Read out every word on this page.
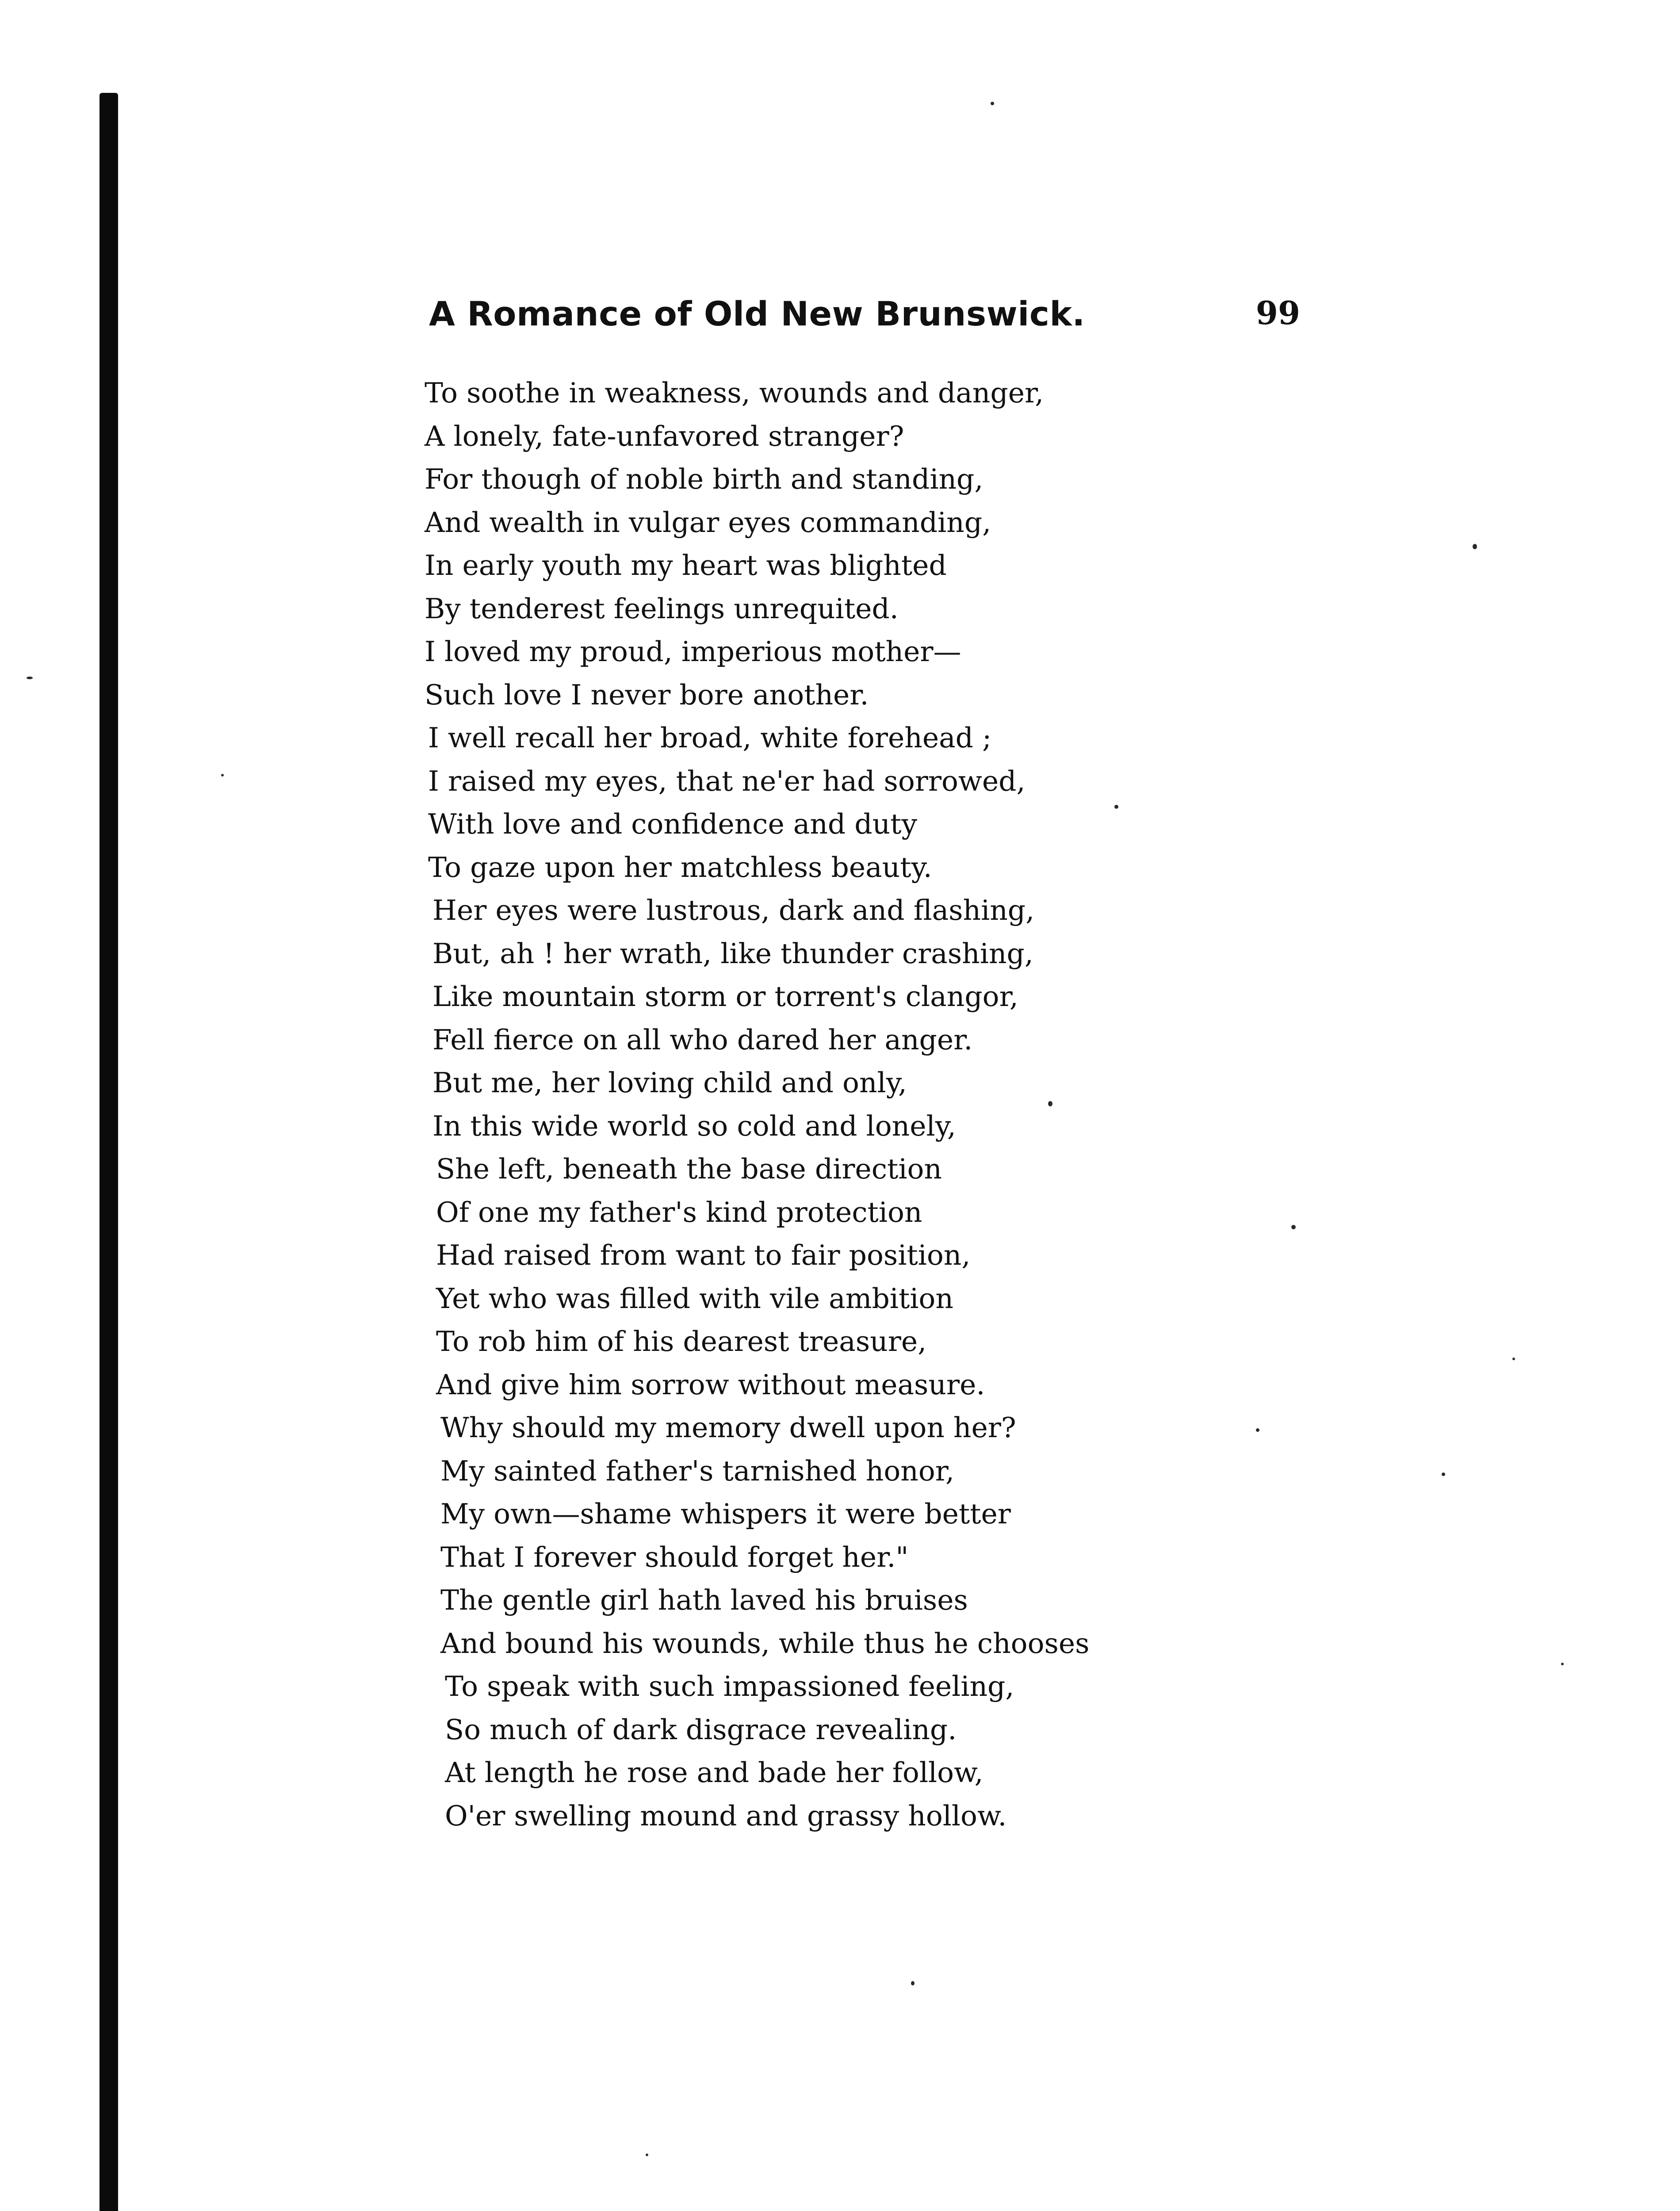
A Romance of Old New Brunswick.	99
To soothe in weakness, wounds and danger,
A lonely, fate-unfavored stranger?
For though of noble birth and standing,
And wealth in vulgar eyes commanding,
In early youth my heart was blighted
By tenderest feelings unrequited.
I loved my proud, imperious mother—
Such love I never bore another.
I well recall her broad, white forehead ;
I raised my eyes, that ne'er had sorrowed,
With love and confidence and duty
To gaze upon her matchless beauty.
Her eyes were lustrous, dark and flashing,
But, ah ! her wrath, like thunder crashing,
Like mountain storm or torrent's clangor,
Fell fierce on all who dared her anger.
But me, her loving child and only,
In this wide world so cold and lonely,
She left, beneath the base direction
Of one my father's kind protection
Had raised from want to fair position,
Yet who was filled with vile ambition
To rob him of his dearest treasure,
And give him sorrow without measure.
Why should my memory dwell upon her?
My sainted father's tarnished honor,
My own—shame whispers it were better
That I forever should forget her."
The gentle girl hath laved his bruises
And bound his wounds, while thus he chooses
To speak with such impassioned feeling,
So much of dark disgrace revealing.
At length he rose and bade her follow,
O'er swelling mound and grassy hollow.
